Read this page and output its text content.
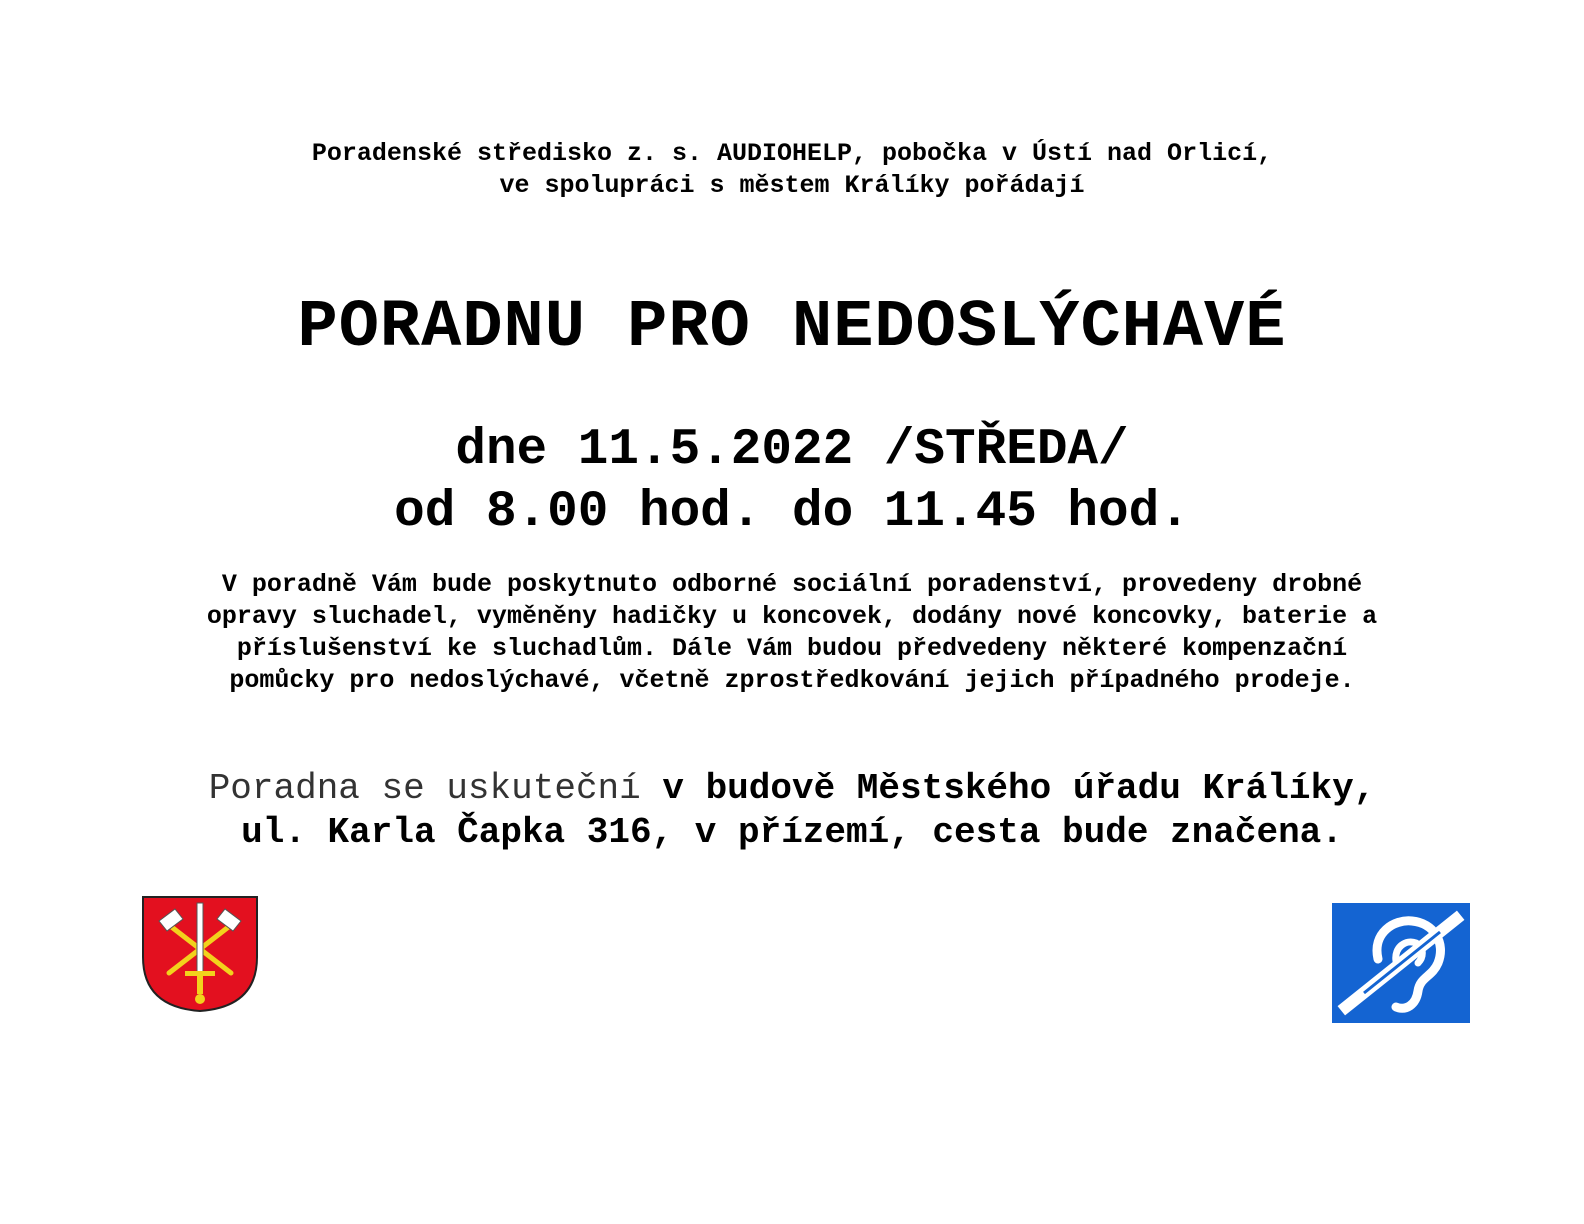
Poradenské středisko z. s. AUDIOHELP, pobočka v Ústí nad Orlicí,
ve spolupráci s městem Králíky pořádají
PORADNU PRO NEDOSLÝCHAVÉ
dne 11.5.2022 /STŘEDA/
od 8.00 hod. do 11.45 hod.
V poradně Vám bude poskytnuto odborné sociální poradenství, provedeny drobné
opravy sluchadel, vyměněny hadičky u koncovek, dodány nové koncovky, baterie a
příslušenství ke sluchadlům. Dále Vám budou předvedeny některé kompenzační
pomůcky pro nedoslýchavé, včetně zprostředkování jejich případného prodeje.
Poradna se uskuteční v budově Městského úřadu Králíky,
ul. Karla Čapka 316, v přízemí, cesta bude značena.
